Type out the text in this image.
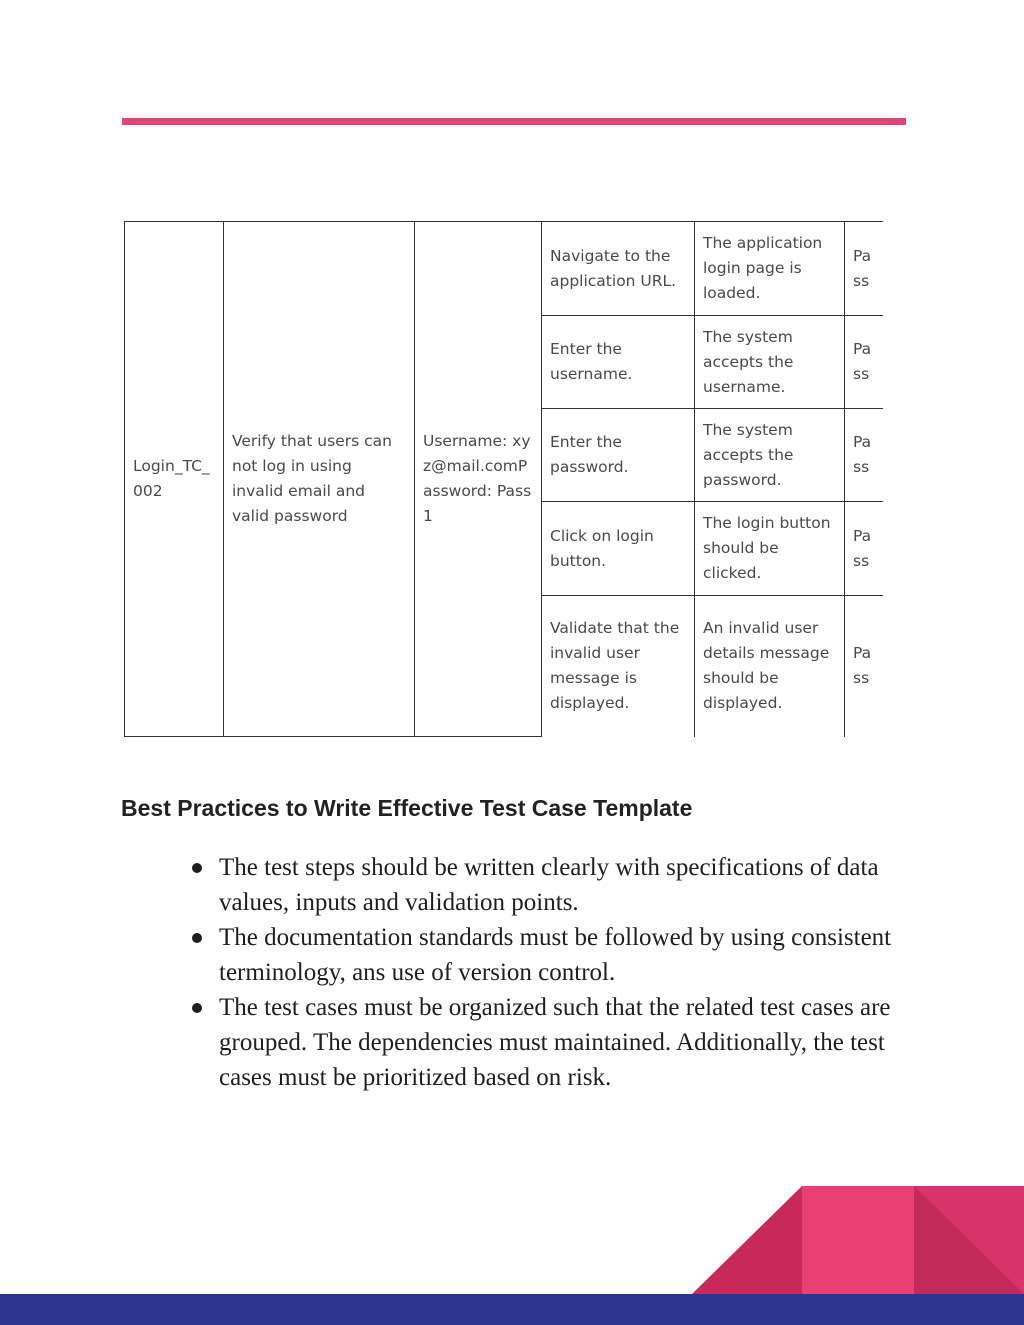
Login_TC_002	Verify that users can not log in using invalid email and valid password	Username: xyz@mail.comPassword: Pass1	Navigate to the application URL.	The application login page is loaded.	Pass
			Enter the username.	The system accepts the username.	Pass
			Enter the password.	The system accepts the password.	Pass
			Click on login button.	The login button should be clicked.	Pass
			Validate that the invalid user message is displayed.	An invalid user details message should be displayed.	Pass
Best Practices to Write Effective Test Case Template
The test steps should be written clearly with specifications of data values, inputs and validation points.
The documentation standards must be followed by using consistent terminology, ans use of version control.
The test cases must be organized such that the related test cases are grouped. The dependencies must maintained. Additionally, the test cases must be prioritized based on risk.
